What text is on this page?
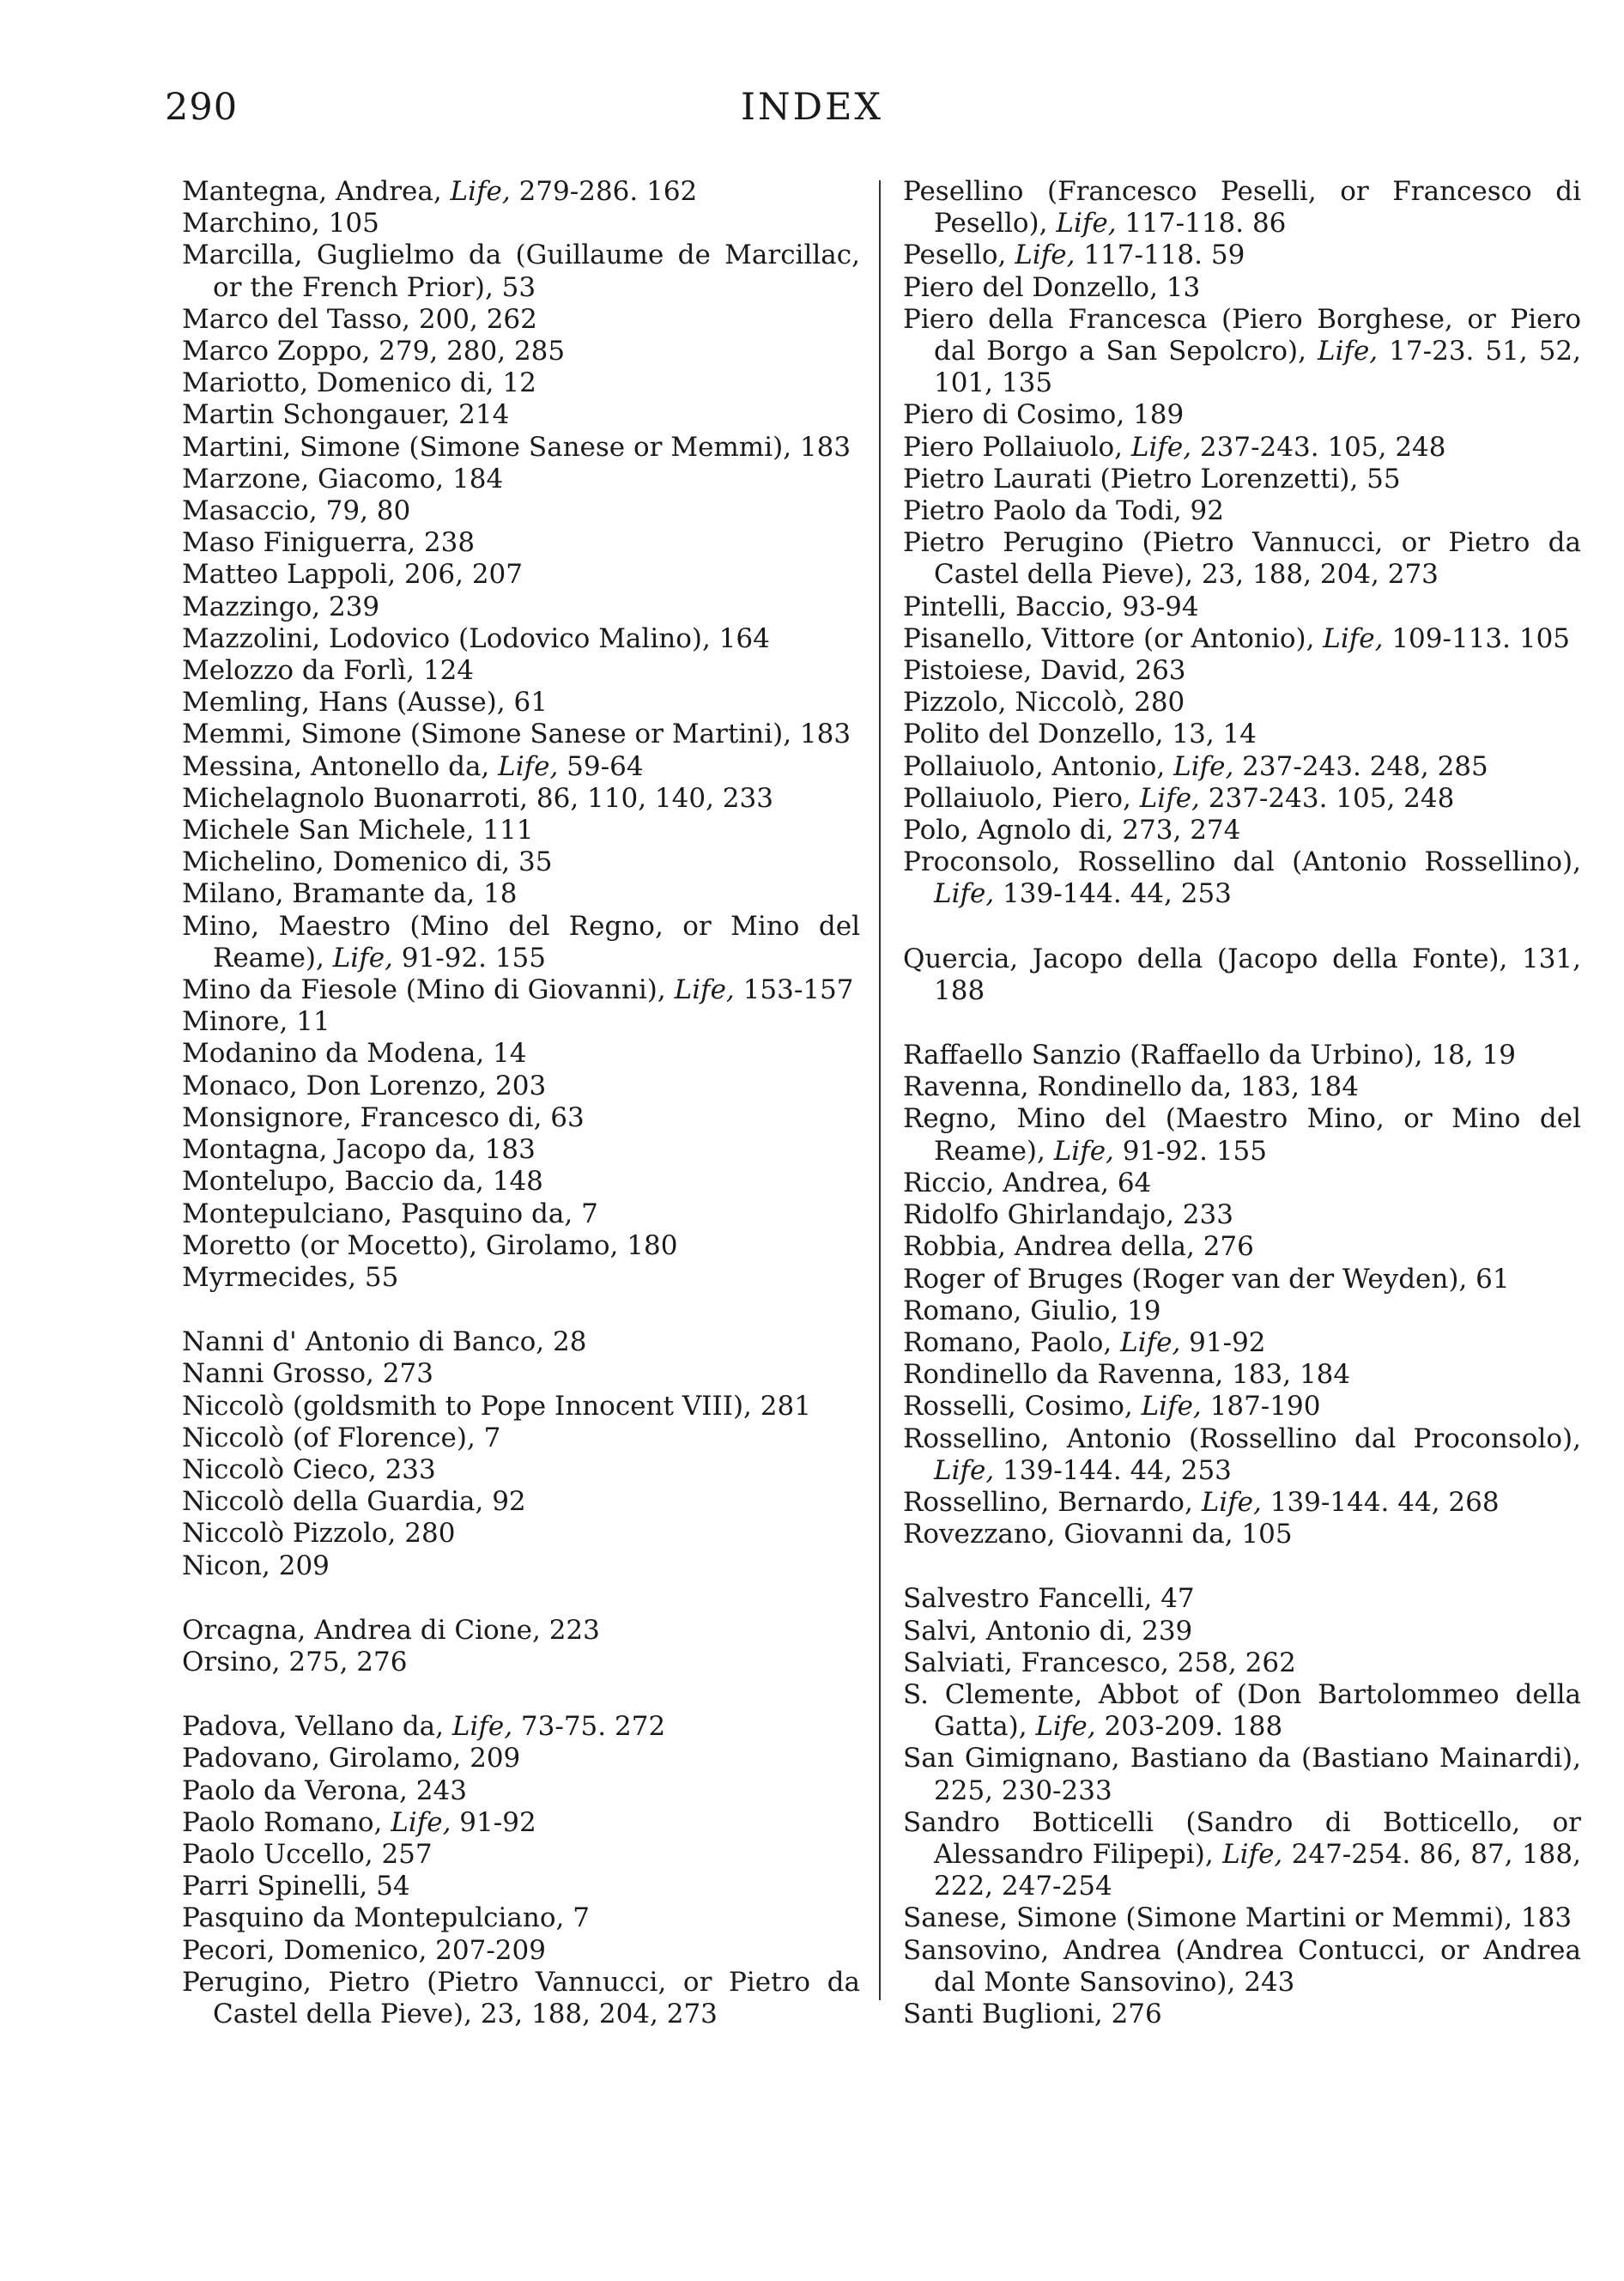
290	INDEX

Mantegna, Andrea, Life, 279-286. 162

Marchino, 105

Marcilla, Guglielmo da (Guillaume de Marcillac, or the French Prior), 53

Marco del Tasso, 200, 262

Marco Zoppo, 279, 280, 285

Mariotto, Domenico di, 12

Martin Schongauer, 214

Martini, Simone (Simone Sanese or Memmi), 183

Marzone, Giacomo, 184

Masaccio, 79, 80

Maso Finiguerra, 238

Matteo Lappoli, 206, 207

Mazzingo, 239

Mazzolini, Lodovico (Lodovico Malino), 164

Melozzo da Forlì, 124

Memling, Hans (Ausse), 61

Memmi, Simone (Simone Sanese or Martini), 183

Messina, Antonello da, Life, 59-64

Michelagnolo Buonarroti, 86, 110, 140, 233

Michele San Michele, 111

Michelino, Domenico di, 35

Milano, Bramante da, 18

Mino, Maestro (Mino del Regno, or Mino del Reame), Life, 91-92. 155

Mino da Fiesole (Mino di Giovanni), Life, 153-157

Minore, 11

Modanino da Modena, 14

Monaco, Don Lorenzo, 203

Monsignore, Francesco di, 63

Montagna, Jacopo da, 183

Montelupo, Baccio da, 148

Montepulciano, Pasquino da, 7

Moretto (or Mocetto), Girolamo, 180

Myrmecides, 55

Nanni d' Antonio di Banco, 28

Nanni Grosso, 273

Niccolò (goldsmith to Pope Innocent VIII), 281

Niccolò (of Florence), 7

Niccolò Cieco, 233

Niccolò della Guardia, 92

Niccolò Pizzolo, 280

Nicon, 209

Orcagna, Andrea di Cione, 223

Orsino, 275, 276

Padova, Vellano da, Life, 73-75. 272

Padovano, Girolamo, 209

Paolo da Verona, 243

Paolo Romano, Life, 91-92

Paolo Uccello, 257

Parri Spinelli, 54

Pasquino da Montepulciano, 7

Pecori, Domenico, 207-209

Perugino, Pietro (Pietro Vannucci, or Pietro da Castel della Pieve), 23, 188, 204, 273

Pesellino (Francesco Peselli, or Francesco di Pesello), Life, 117-118. 86

Pesello, Life, 117-118. 59

Piero del Donzello, 13

Piero della Francesca (Piero Borghese, or Piero dal Borgo a San Sepolcro), Life, 17-23. 51, 52, 101, 135

Piero di Cosimo, 189

Piero Pollaiuolo, Life, 237-243. 105, 248

Pietro Laurati (Pietro Lorenzetti), 55

Pietro Paolo da Todi, 92

Pietro Perugino (Pietro Vannucci, or Pietro da Castel della Pieve), 23, 188, 204, 273

Pintelli, Baccio, 93-94

Pisanello, Vittore (or Antonio), Life, 109-113. 105

Pistoiese, David, 263

Pizzolo, Niccolò, 280

Polito del Donzello, 13, 14

Pollaiuolo, Antonio, Life, 237-243. 248, 285

Pollaiuolo, Piero, Life, 237-243. 105, 248

Polo, Agnolo di, 273, 274

Proconsolo, Rossellino dal (Antonio Rossellino), Life, 139-144. 44, 253

Quercia, Jacopo della (Jacopo della Fonte), 131, 188

Raffaello Sanzio (Raffaello da Urbino), 18, 19

Ravenna, Rondinello da, 183, 184

Regno, Mino del (Maestro Mino, or Mino del Reame), Life, 91-92. 155

Riccio, Andrea, 64

Ridolfo Ghirlandajo, 233

Robbia, Andrea della, 276

Roger of Bruges (Roger van der Weyden), 61

Romano, Giulio, 19

Romano, Paolo, Life, 91-92

Rondinello da Ravenna, 183, 184

Rosselli, Cosimo, Life, 187-190

Rossellino, Antonio (Rossellino dal Proconsolo), Life, 139-144. 44, 253

Rossellino, Bernardo, Life, 139-144. 44, 268

Rovezzano, Giovanni da, 105

Salvestro Fancelli, 47

Salvi, Antonio di, 239

Salviati, Francesco, 258, 262

S. Clemente, Abbot of (Don Bartolommeo della Gatta), Life, 203-209. 188

San Gimignano, Bastiano da (Bastiano Mainardi), 225, 230-233

Sandro Botticelli (Sandro di Botticello, or Alessandro Filipepi), Life, 247-254. 86, 87, 188, 222, 247-254

Sanese, Simone (Simone Martini or Memmi), 183

Sansovino, Andrea (Andrea Contucci, or Andrea dal Monte Sansovino), 243

Santi Buglioni, 276
